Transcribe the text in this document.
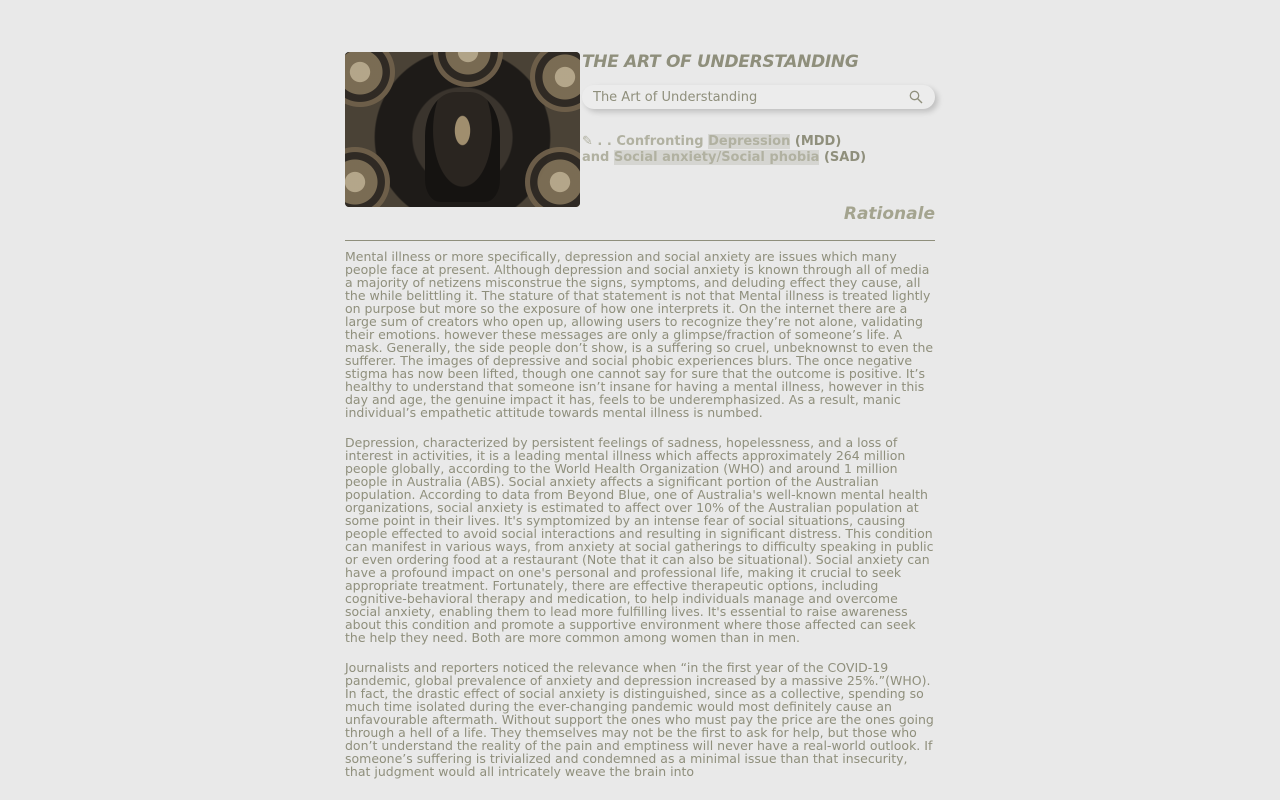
THE ART OF UNDERSTANDING
The Art of Understanding
✎ . . Confronting Depression (MDD)
and Social anxiety/Social phobia (SAD)
Rationale

Mental illness or more specifically, depression and social anxiety are issues which many people face at present. Although depression and social anxiety is known through all of media a majority of netizens misconstrue the signs, symptoms, and deluding effect they cause, all the while belittling it. The stature of that statement is not that Mental illness is treated lightly on purpose but more so the exposure of how one interprets it. On the internet there are a large sum of creators who open up, allowing users to recognize they’re not alone, validating their emotions. however these messages are only a glimpse/fraction of someone’s life. A mask. Generally, the side people don’t show, is a suffering so cruel, unbeknownst to even the sufferer. The images of depressive and social phobic experiences blurs. The once negative stigma has now been lifted, though one cannot say for sure that the outcome is positive. It’s healthy to understand that someone isn’t insane for having a mental illness, however in this day and age, the genuine impact it has, feels to be underemphasized. As a result, manic individual’s empathetic attitude towards mental illness is numbed.

Depression, characterized by persistent feelings of sadness, hopelessness, and a loss of interest in activities, it is a leading mental illness which affects approximately 264 million people globally, according to the World Health Organization (WHO) and around 1 million people in Australia (ABS). Social anxiety affects a significant portion of the Australian population. According to data from Beyond Blue, one of Australia's well-known mental health organizations, social anxiety is estimated to affect over 10% of the Australian population at some point in their lives. It's symptomized by an intense fear of social situations, causing people effected to avoid social interactions and resulting in significant distress. This condition can manifest in various ways, from anxiety at social gatherings to difficulty speaking in public or even ordering food at a restaurant (Note that it can also be situational). Social anxiety can have a profound impact on one's personal and professional life, making it crucial to seek appropriate treatment. Fortunately, there are effective therapeutic options, including cognitive-behavioral therapy and medication, to help individuals manage and overcome social anxiety, enabling them to lead more fulfilling lives. It's essential to raise awareness about this condition and promote a supportive environment where those affected can seek the help they need. Both are more common among women than in men.

Journalists and reporters noticed the relevance when “in the first year of the COVID-19 pandemic, global prevalence of anxiety and depression increased by a massive 25%.”(WHO). In fact, the drastic effect of social anxiety is distinguished, since as a collective, spending so much time isolated during the ever-changing pandemic would most definitely cause an unfavourable aftermath. Without support the ones who must pay the price are the ones going through a hell of a life. They themselves may not be the first to ask for help, but those who don’t understand the reality of the pain and emptiness will never have a real-world outlook. If someone’s suffering is trivialized and condemned as a minimal issue than that insecurity, that judgment would all intricately weave the brain into
